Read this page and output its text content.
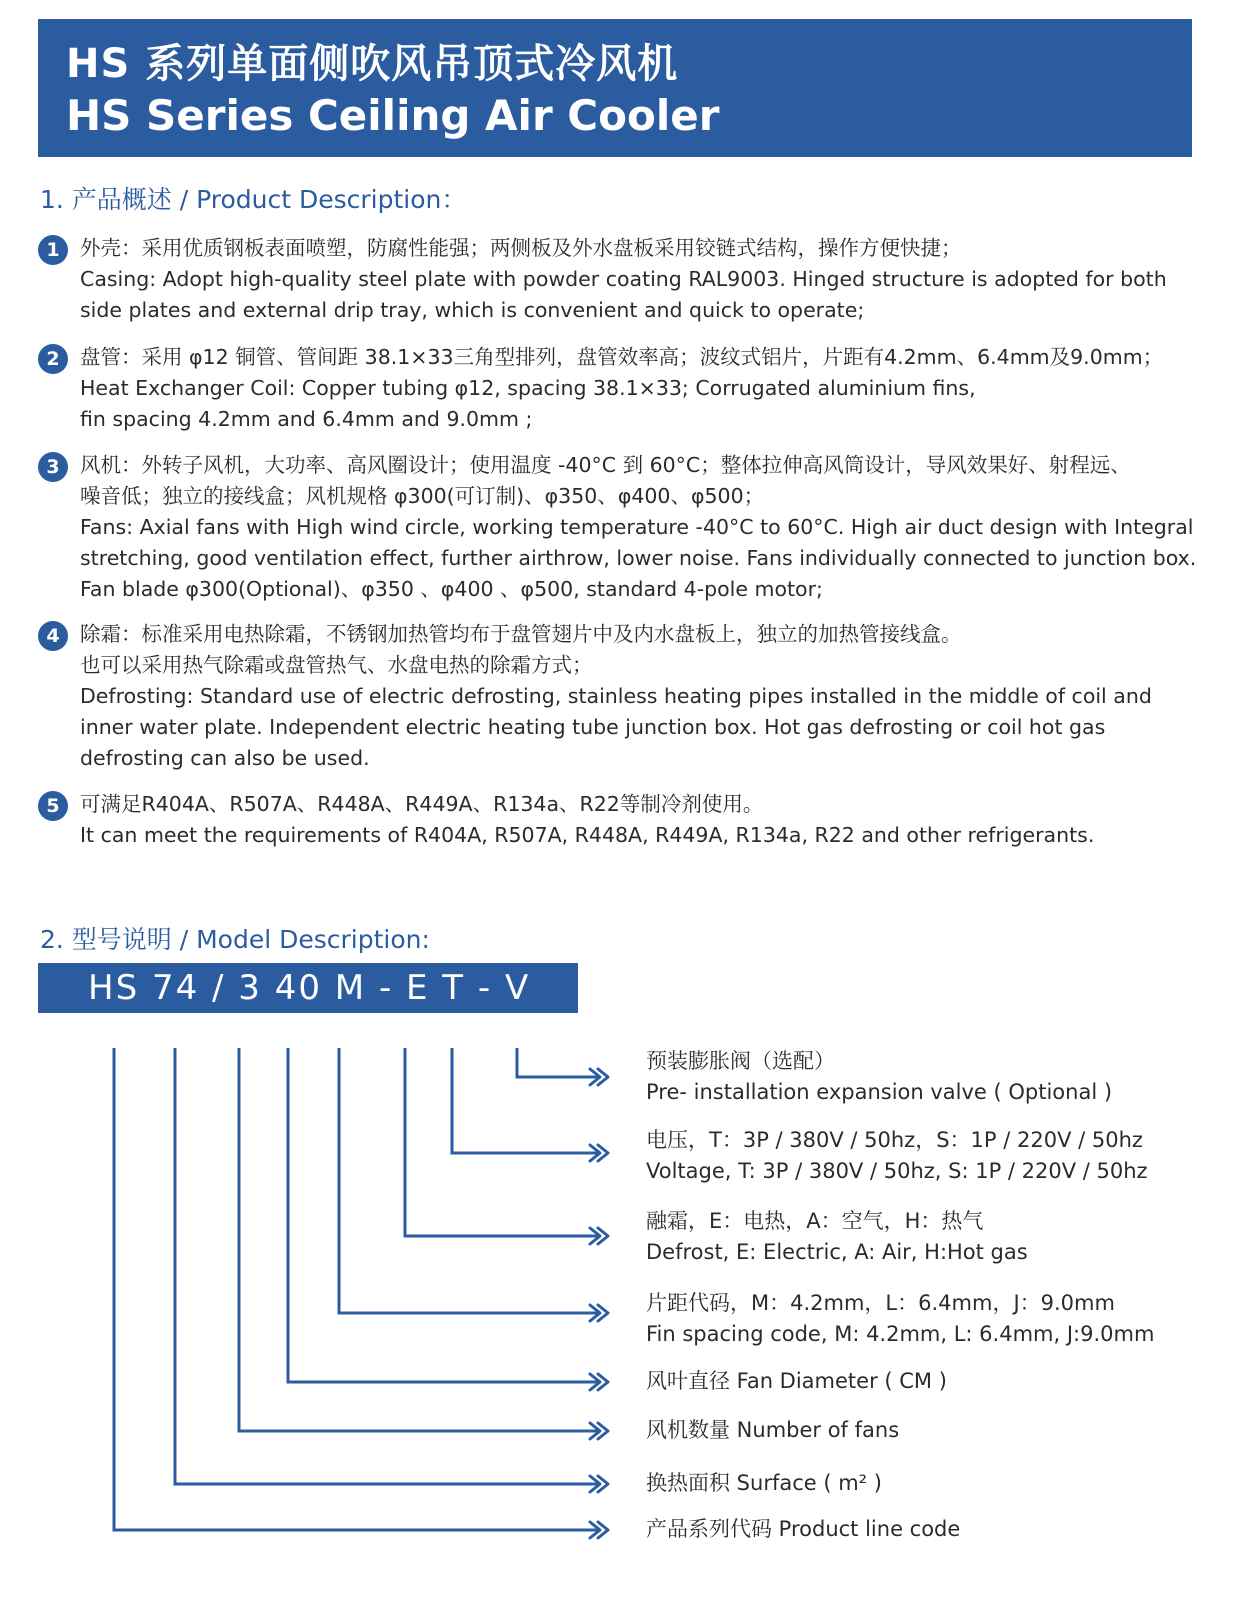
HS 系列单面侧吹风吊顶式冷风机
HS Series Ceiling Air Cooler
1. 产品概述 / Product Description：
1 外壳：采用优质钢板表面喷塑，防腐性能强；两侧板及外水盘板采用铰链式结构，操作方便快捷；
Casing: Adopt high-quality steel plate with powder coating RAL9003. Hinged structure is adopted for both side plates and external drip tray, which is convenient and quick to operate;
2 盘管：采用 φ12 铜管、管间距 38.1×33三角型排列，盘管效率高；波纹式铝片，片距有4.2mm、6.4mm及9.0mm；
Heat Exchanger Coil: Copper tubing φ12, spacing 38.1×33; Corrugated aluminium fins,
fin spacing 4.2mm and 6.4mm and 9.0mm ;
3 风机：外转子风机，大功率、高风圈设计；使用温度 -40°C 到 60°C；整体拉伸高风筒设计，导风效果好、射程远、
噪音低；独立的接线盒；风机规格 φ300(可订制)、φ350、φ400、φ500；
Fans: Axial fans with High wind circle, working temperature -40°C to 60°C. High air duct design with Integral stretching, good ventilation effect, further airthrow, lower noise. Fans individually connected to junction box.
Fan blade φ300(Optional)、φ350 、φ400 、φ500, standard 4-pole motor;
4 除霜：标准采用电热除霜，不锈钢加热管均布于盘管翅片中及内水盘板上，独立的加热管接线盒。
也可以采用热气除霜或盘管热气、水盘电热的除霜方式；
Defrosting: Standard use of electric defrosting, stainless heating pipes installed in the middle of coil and inner water plate. Independent electric heating tube junction box. Hot gas defrosting or coil hot gas defrosting can also be used.
5 可满足R404A、R507A、R448A、R449A、R134a、R22等制冷剂使用。
It can meet the requirements of R404A, R507A, R448A, R449A, R134a, R22 and other refrigerants.
2. 型号说明 / Model Description:
HS 74 / 3 40 M - E T - V
预装膨胀阀（选配）
Pre- installation expansion valve ( Optional )
电压，T：3P / 380V / 50hz，S：1P / 220V / 50hz
Voltage, T: 3P / 380V / 50hz, S: 1P / 220V / 50hz
融霜，E：电热，A：空气，H：热气
Defrost, E: Electric, A: Air, H:Hot gas
片距代码，M：4.2mm，L：6.4mm，J：9.0mm
Fin spacing code, M: 4.2mm, L: 6.4mm, J:9.0mm
风叶直径 Fan Diameter ( CM )
风机数量 Number of fans
换热面积 Surface ( m² )
产品系列代码 Product line code
